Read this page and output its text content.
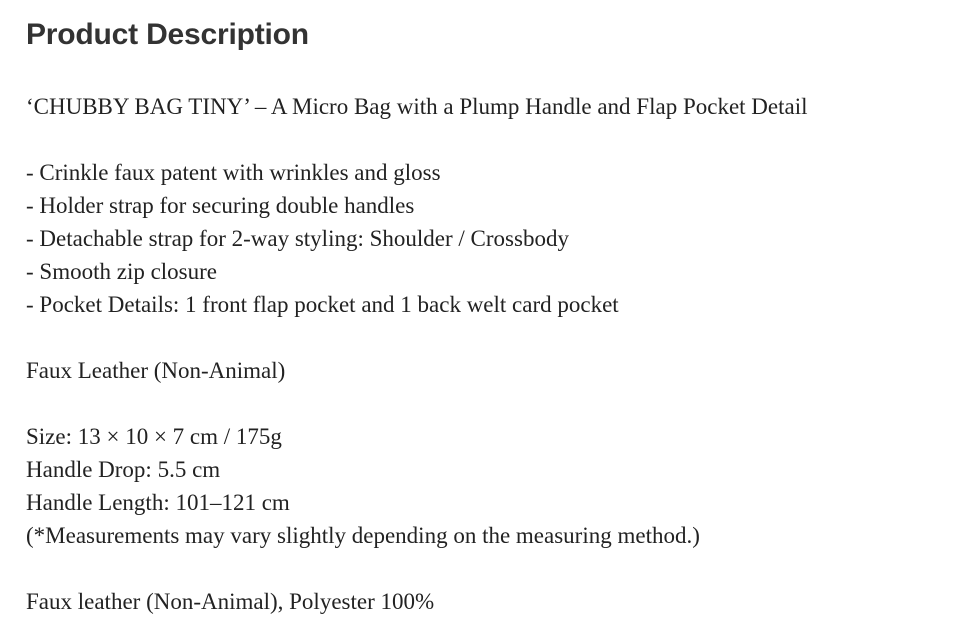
Product Description
‘CHUBBY BAG TINY’ – A Micro Bag with a Plump Handle and Flap Pocket Detail
- Crinkle faux patent with wrinkles and gloss
- Holder strap for securing double handles
- Detachable strap for 2-way styling: Shoulder / Crossbody
- Smooth zip closure
- Pocket Details: 1 front flap pocket and 1 back welt card pocket
Faux Leather (Non-Animal)
Size: 13 × 10 × 7 cm / 175g
Handle Drop: 5.5 cm
Handle Length: 101–121 cm
(*Measurements may vary slightly depending on the measuring method.)
Faux leather (Non-Animal), Polyester 100%
